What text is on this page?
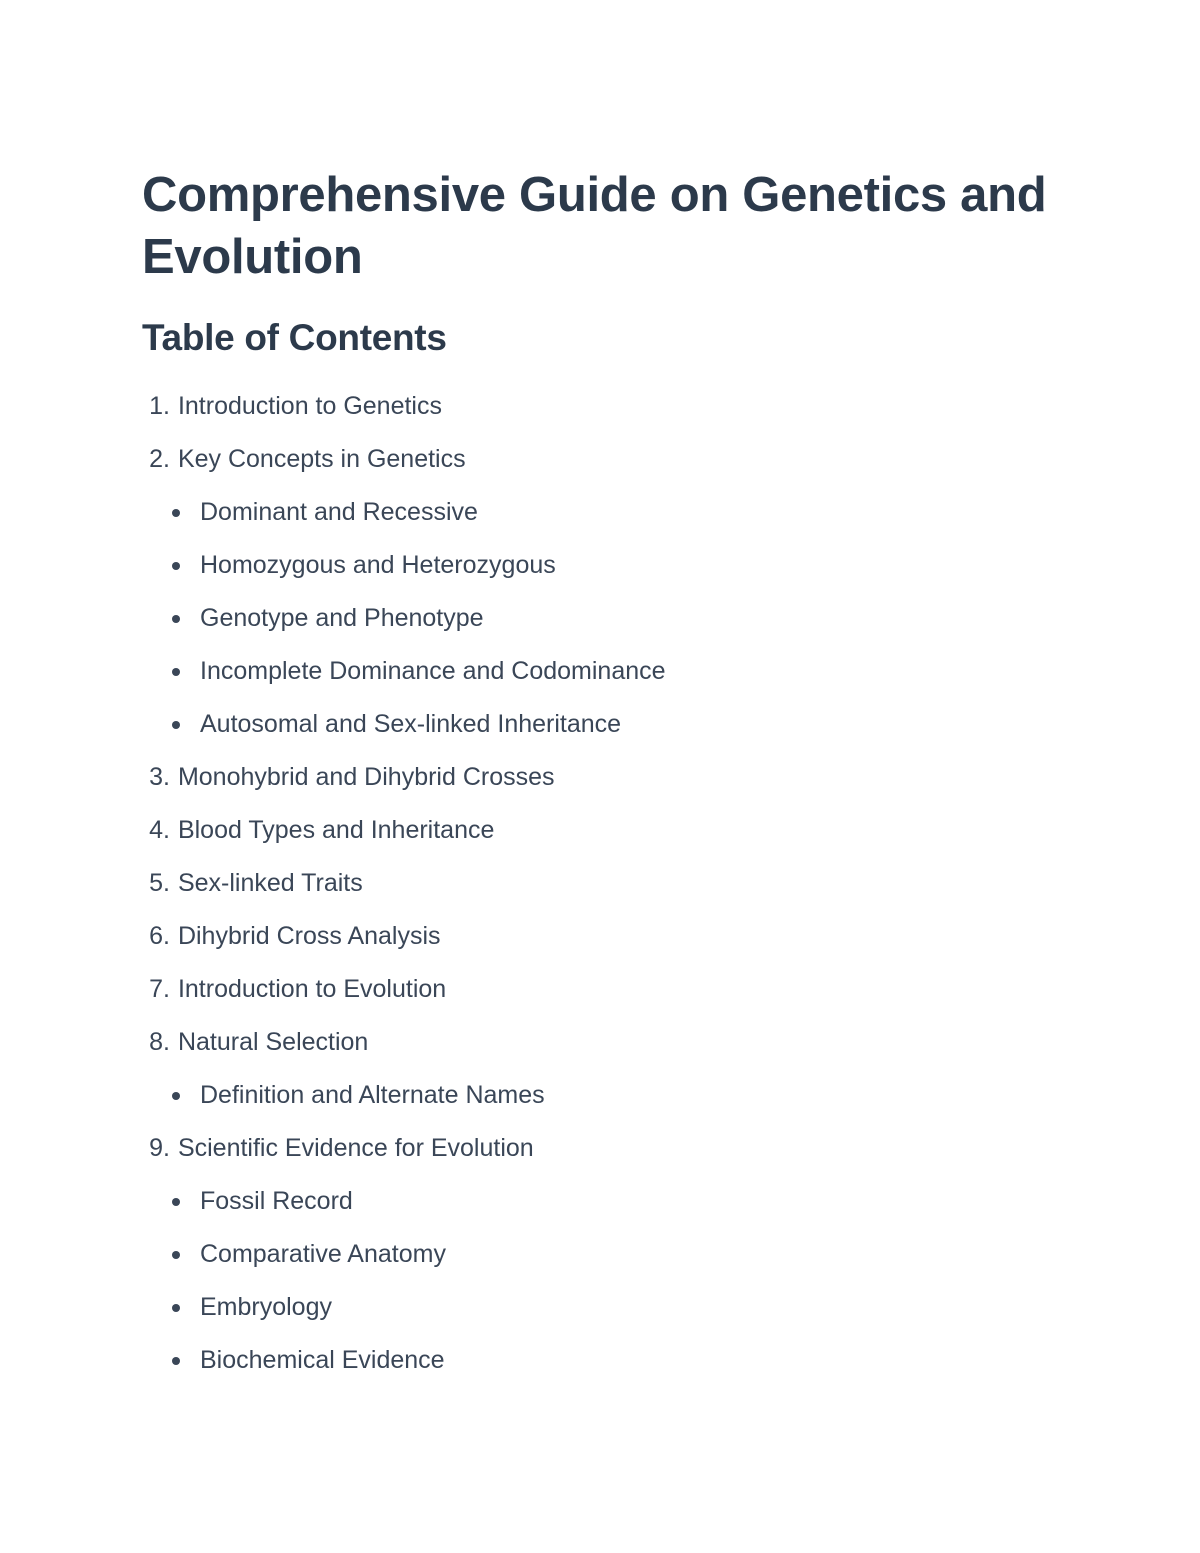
Comprehensive Guide on Genetics and Evolution
Table of Contents
1.
Introduction to Genetics
2.
Key Concepts in Genetics
Dominant and Recessive
Homozygous and Heterozygous
Genotype and Phenotype
Incomplete Dominance and Codominance
Autosomal and Sex-linked Inheritance
3.
Monohybrid and Dihybrid Crosses
4.
Blood Types and Inheritance
5.
Sex-linked Traits
6.
Dihybrid Cross Analysis
7.
Introduction to Evolution
8.
Natural Selection
Definition and Alternate Names
9.
Scientific Evidence for Evolution
Fossil Record
Comparative Anatomy
Embryology
Biochemical Evidence
